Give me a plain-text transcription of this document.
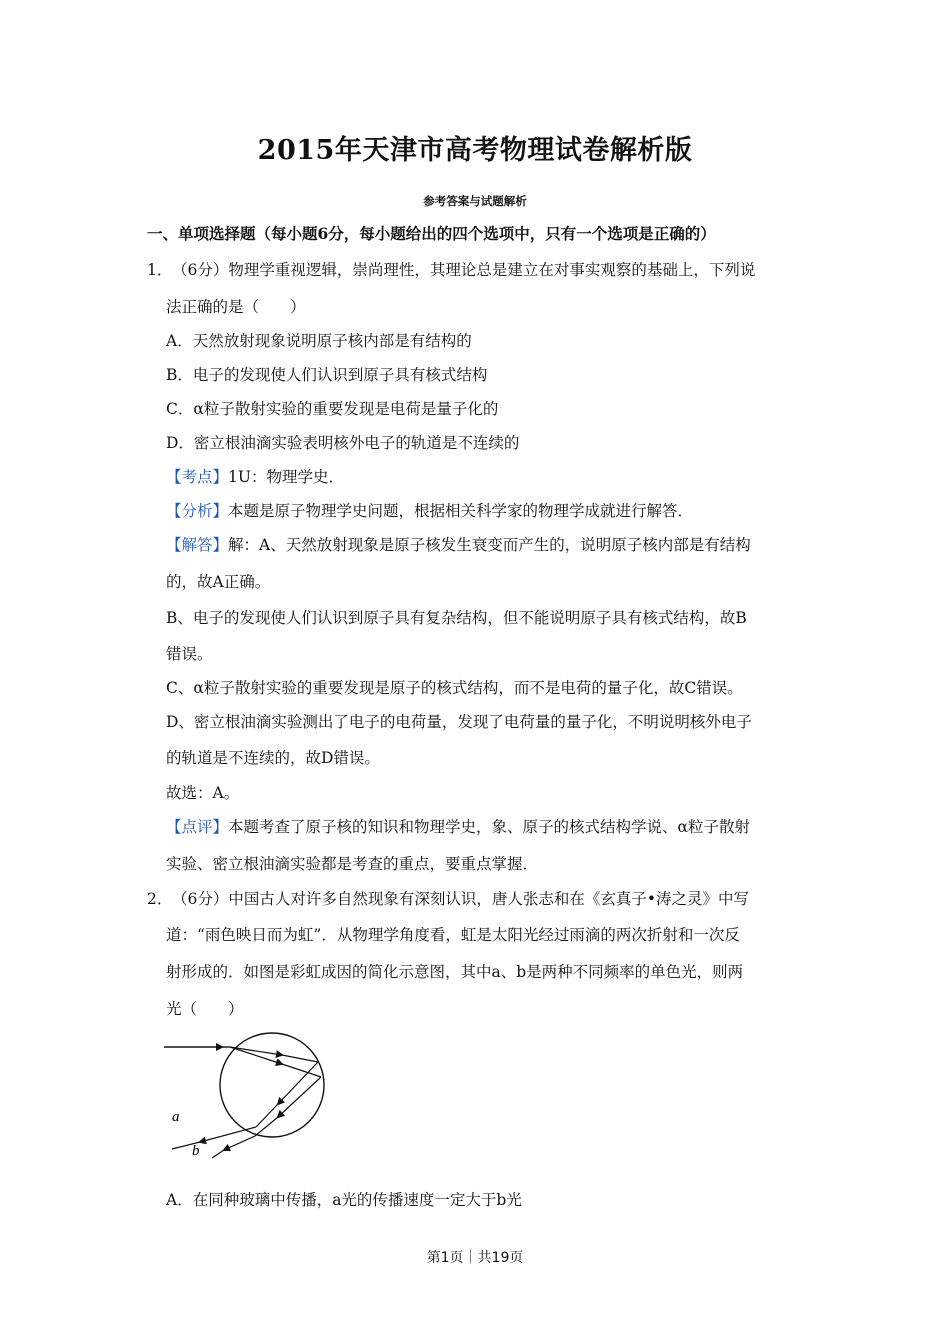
2015年天津市高考物理试卷解析版
参考答案与试题解析
一、单项选择题（每小题6分，每小题给出的四个选项中，只有一个选项是正确的）
1． （6分）物理学重视逻辑，崇尚理性，其理论总是建立在对事实观察的基础上，下列说
法正确的是（　　）
A．天然放射现象说明原子核内部是有结构的
B．电子的发现使人们认识到原子具有核式结构
C．α粒子散射实验的重要发现是电荷是量子化的
D．密立根油滴实验表明核外电子的轨道是不连续的
【考点】1U：物理学史．
【分析】本题是原子物理学史问题，根据相关科学家的物理学成就进行解答．
【解答】解：A、天然放射现象是原子核发生衰变而产生的，说明原子核内部是有结构
的，故A正确。
B、电子的发现使人们认识到原子具有复杂结构，但不能说明原子具有核式结构，故B
错误。
C、α粒子散射实验的重要发现是原子的核式结构，而不是电荷的量子化，故C错误。
D、密立根油滴实验测出了电子的电荷量，发现了电荷量的量子化，不明说明核外电子
的轨道是不连续的，故D错误。
故选：A。
【点评】本题考查了原子核的知识和物理学史，象、原子的核式结构学说、α粒子散射
实验、密立根油滴实验都是考查的重点，要重点掌握．
2． （6分）中国古人对许多自然现象有深刻认识，唐人张志和在《玄真子•涛之灵》中写
道：“雨色映日而为虹”．从物理学角度看，虹是太阳光经过雨滴的两次折射和一次反
射形成的．如图是彩虹成因的简化示意图，其中a、b是两种不同频率的单色光，则两
光（　　）
a
b
A．在同种玻璃中传播，a光的传播速度一定大于b光
第1页｜共19页
